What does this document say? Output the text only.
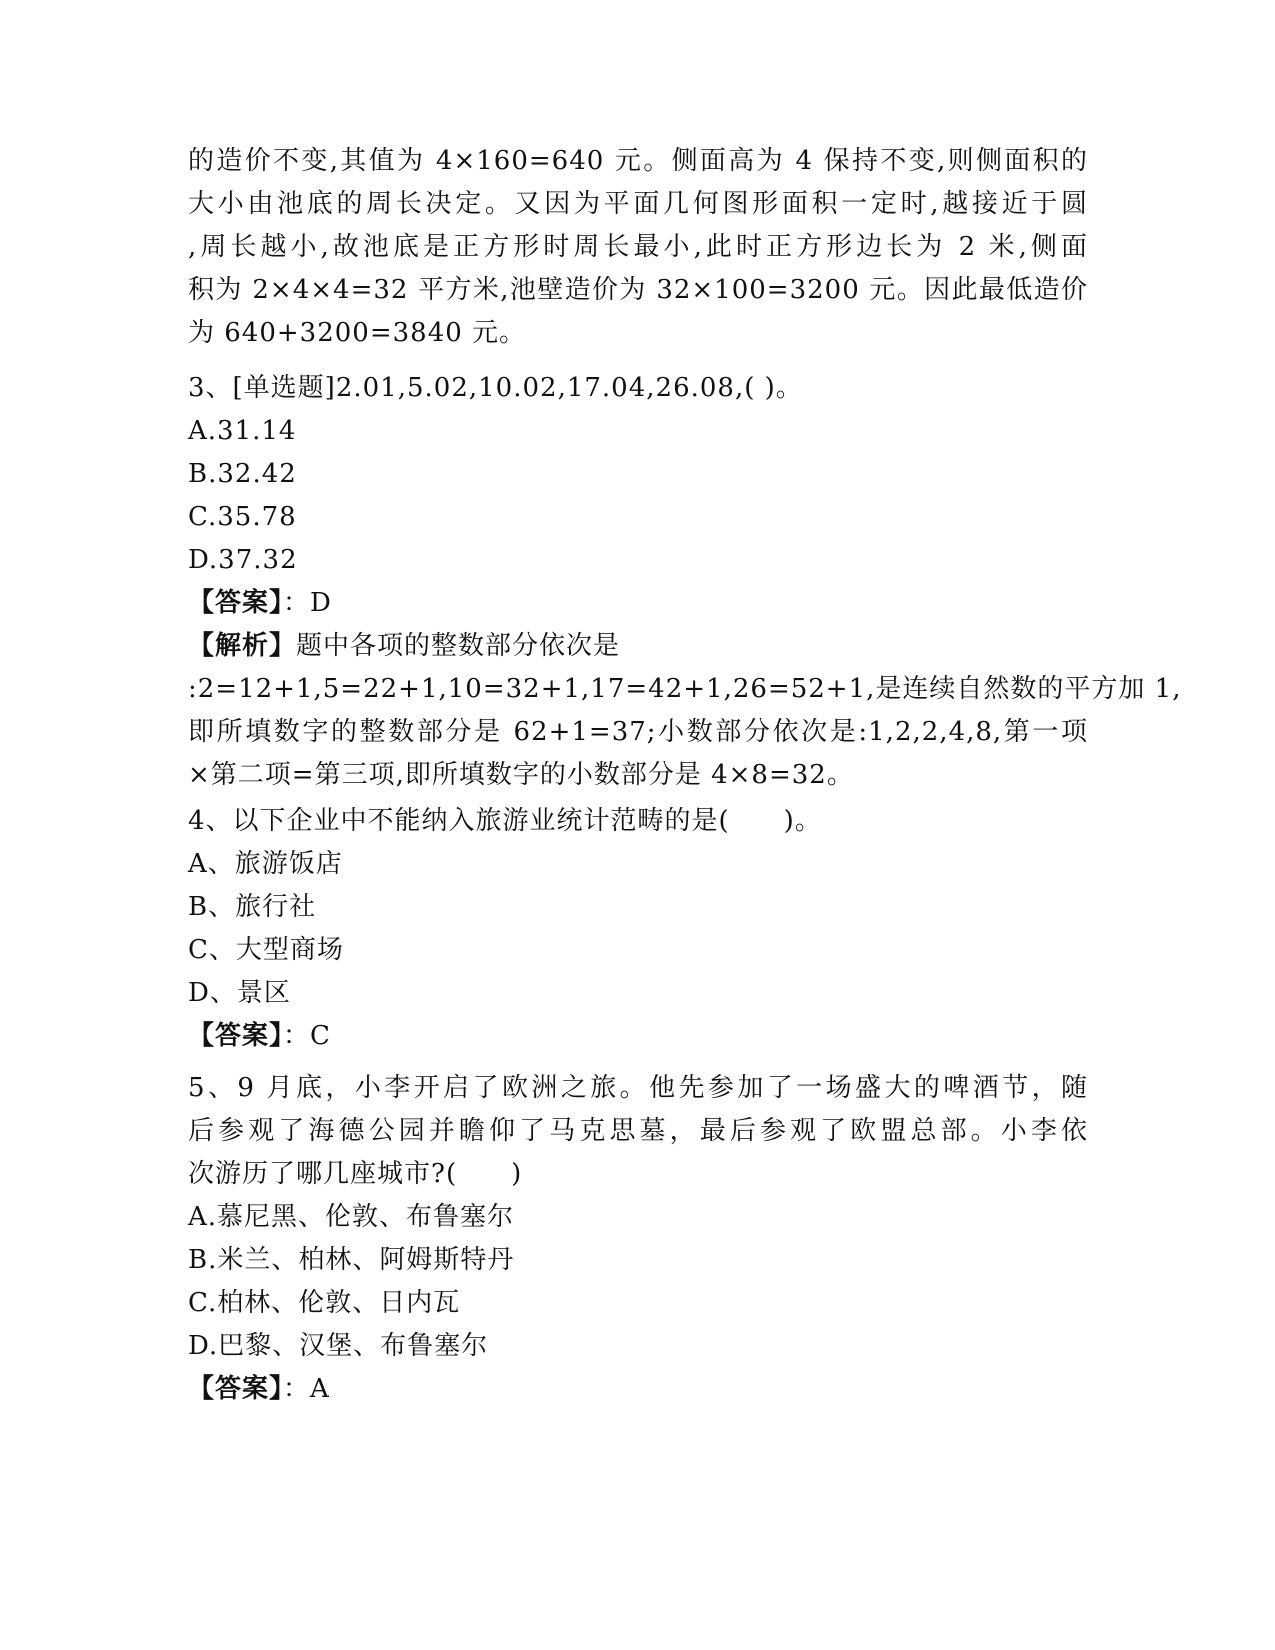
的造价不变,其值为 4×160=640 元。侧面高为 4 保持不变,则侧面积的
大小由池底的周长决定。又因为平面几何图形面积一定时,越接近于圆
,周长越小,故池底是正方形时周长最小,此时正方形边长为 2 米,侧面
积为 2×4×4=32 平方米,池壁造价为 32×100=3200 元。因此最低造价
为 640+3200=3840 元。
3、[单选题]2.01,5.02,10.02,17.04,26.08,( )。
A.31.14
B.32.42
C.35.78
D.37.32
【答案】：D
【解析】题中各项的整数部分依次是
:2=12+1,5=22+1,10=32+1,17=42+1,26=52+1,是连续自然数的平方加 1,
即所填数字的整数部分是 62+1=37;小数部分依次是:1,2,2,4,8,第一项
×第二项=第三项,即所填数字的小数部分是 4×8=32。
4、以下企业中不能纳入旅游业统计范畴的是(　　)。
A、旅游饭店
B、旅行社
C、大型商场
D、景区
【答案】：C
5、9 月底，小李开启了欧洲之旅。他先参加了一场盛大的啤酒节，随
后参观了海德公园并瞻仰了马克思墓，最后参观了欧盟总部。小李依
次游历了哪几座城市?(　　)
A.慕尼黑、伦敦、布鲁塞尔
B.米兰、柏林、阿姆斯特丹
C.柏林、伦敦、日内瓦
D.巴黎、汉堡、布鲁塞尔
【答案】：A
